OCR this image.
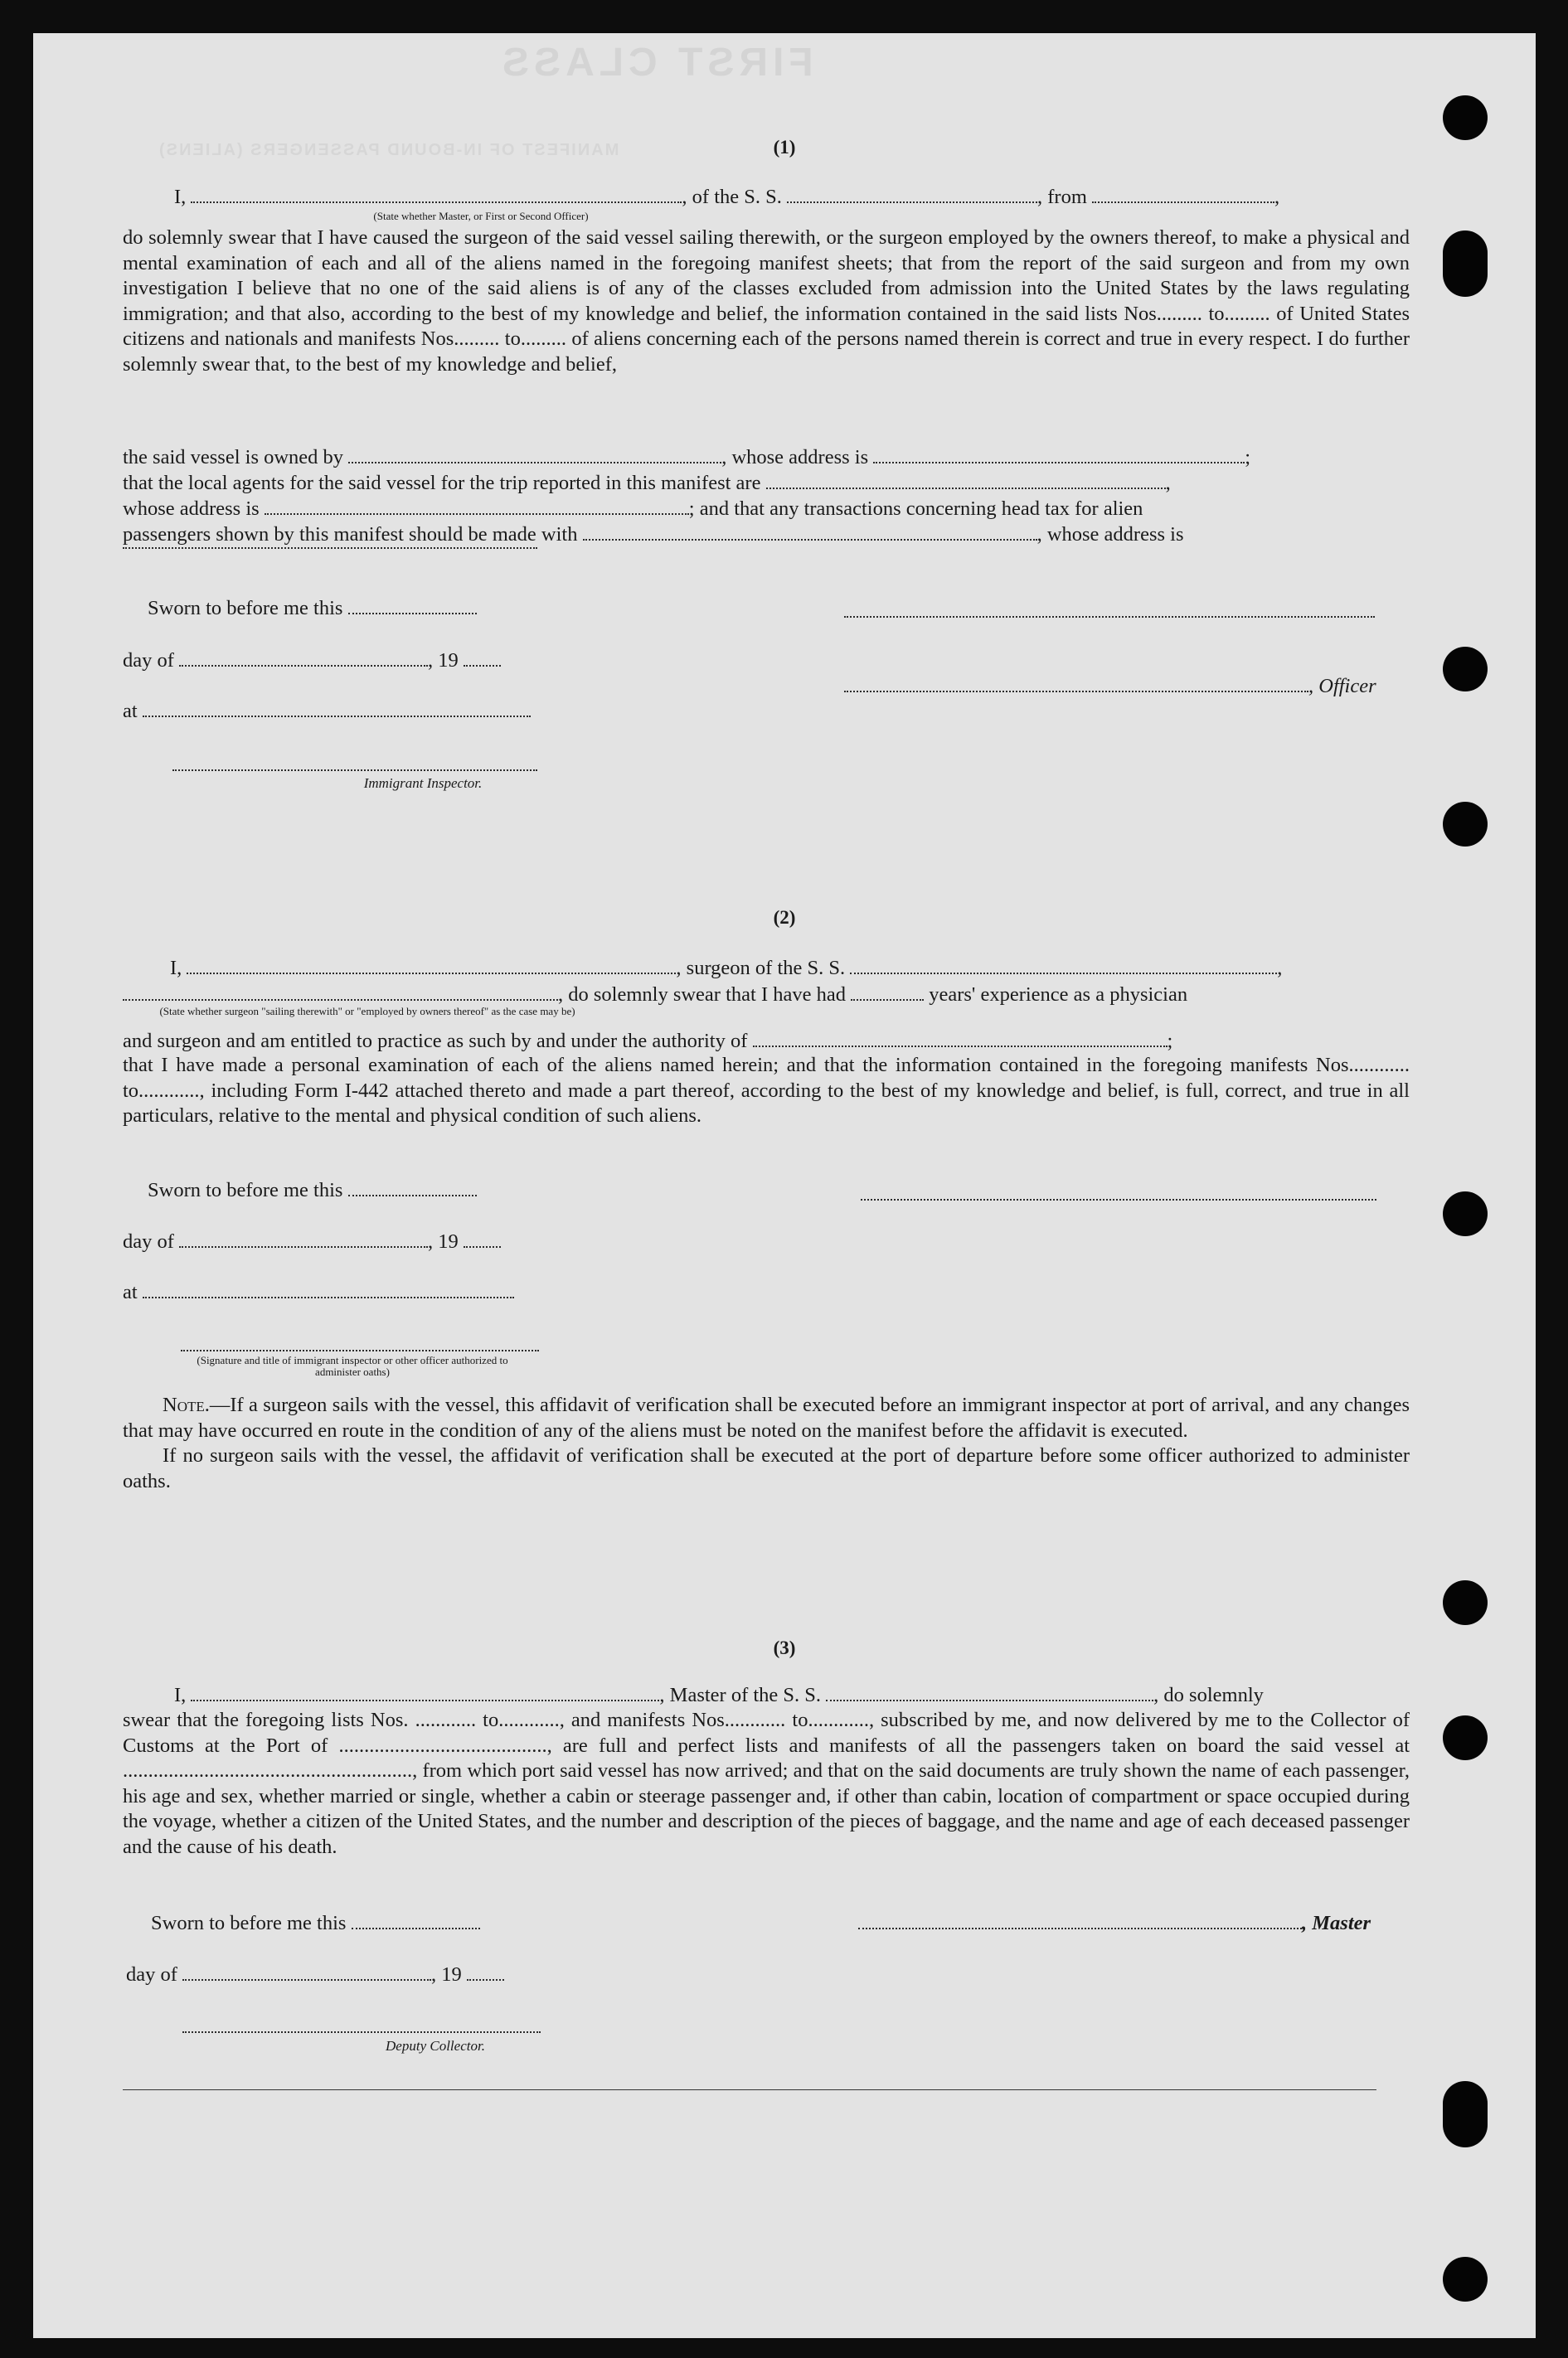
FIRST CLASS
MANIFEST OF IN-BOUND PASSENGERS (ALIENS)	(1)
I,	, of the S. S.	, from	,
(State whether Master, or First or Second Officer)

do solemnly swear that I have caused the surgeon of the said vessel sailing therewith, or the surgeon employed by the owners thereof, to make a physical and mental examination of each and all of the aliens named in the foregoing manifest sheets; that from the report of the said surgeon and from my own investigation I believe that no one of the said aliens is of any of the classes excluded from admission into the United States by the laws regulating immigration; and that also, according to the best of my knowledge and belief, the information contained in the said lists Nos......... to......... of United States citizens and nationals and manifests Nos......... to......... of aliens concerning each of the persons named therein is correct and true in every respect. I do further solemnly swear that, to the best of my knowledge and belief,

the said vessel is owned by	, whose address is	;
that the local agents for the said vessel for the trip reported in this manifest are	,
whose address is	; and that any transactions concerning head tax for alien
passengers shown by this manifest should be made with	, whose address is
Sworn to before me this
day of	, 19
, Officer
at
Immigrant Inspector.
(2)
I,	, surgeon of the S. S.	,
, do solemnly swear that I have had	years' experience as a physician
(State whether surgeon "sailing therewith" or "employed by owners thereof" as the case may be)
and surgeon and am entitled to practice as such by and under the authority of	;

that I have made a personal examination of each of the aliens named herein; and that the information contained in the foregoing manifests Nos............ to............, including Form I-442 attached thereto and made a part thereof, according to the best of my knowledge and belief, is full, correct, and true in all particulars, relative to the mental and physical condition of such aliens.

Sworn to before me this
day of	, 19
at
(Signature and title of immigrant inspector or other officer authorized to administer oaths)

Note.—If a surgeon sails with the vessel, this affidavit of verification shall be executed before an immigrant inspector at port of arrival, and any changes that may have occurred en route in the condition of any of the aliens must be noted on the manifest before the affidavit is executed.

If no surgeon sails with the vessel, the affidavit of verification shall be executed at the port of departure before some officer authorized to administer oaths.

(3)
I,	, Master of the S. S.	, do solemnly

swear that the foregoing lists Nos. ............ to............, and manifests Nos............ to............, subscribed by me, and now delivered by me to the Collector of Customs at the Port of ........................................., are full and perfect lists and manifests of all the passengers taken on board the said vessel at ........................................................., from which port said vessel has now arrived; and that on the said documents are truly shown the name of each passenger, his age and sex, whether married or single, whether a cabin or steerage passenger and, if other than cabin, location of compartment or space occupied during the voyage, whether a citizen of the United States, and the number and description of the pieces of baggage, and the name and age of each deceased passenger and the cause of his death.

Sworn to before me this	, Master
day of	, 19
Deputy Collector.
